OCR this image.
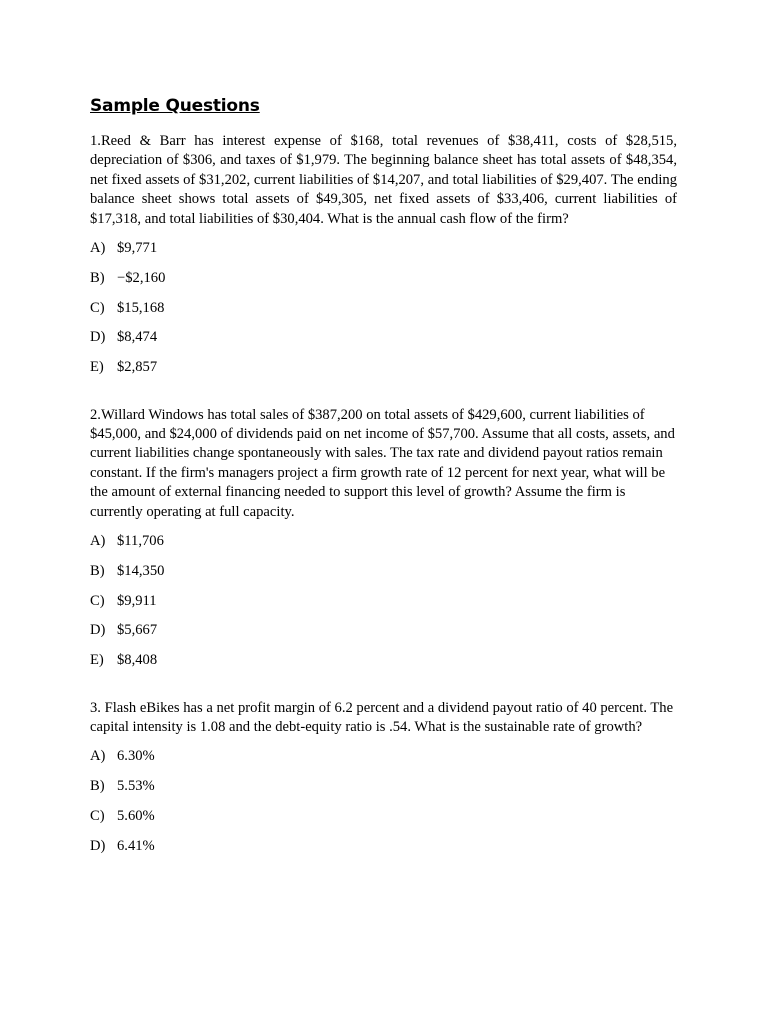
Sample Questions

1.Reed & Barr has interest expense of $168, total revenues of $38,411, costs of $28,515, depreciation of $306, and taxes of $1,979. The beginning balance sheet has total assets of $48,354, net fixed assets of $31,202, current liabilities of $14,207, and total liabilities of $29,407. The ending balance sheet shows total assets of $49,305, net fixed assets of $33,406, current liabilities of $17,318, and total liabilities of $30,404. What is the annual cash flow of the firm?

A) $9,771
B) −$2,160
C) $15,168
D) $8,474
E) $2,857

2.Willard Windows has total sales of $387,200 on total assets of $429,600, current liabilities of $45,000, and $24,000 of dividends paid on net income of $57,700. Assume that all costs, assets, and current liabilities change spontaneously with sales. The tax rate and dividend payout ratios remain constant. If the firm's managers project a firm growth rate of 12 percent for next year, what will be the amount of external financing needed to support this level of growth? Assume the firm is currently operating at full capacity.

A) $11,706
B) $14,350
C) $9,911
D) $5,667
E) $8,408

3. Flash eBikes has a net profit margin of 6.2 percent and a dividend payout ratio of 40 percent. The capital intensity is 1.08 and the debt-equity ratio is .54. What is the sustainable rate of growth?

A) 6.30%
B) 5.53%
C) 5.60%
D) 6.41%
